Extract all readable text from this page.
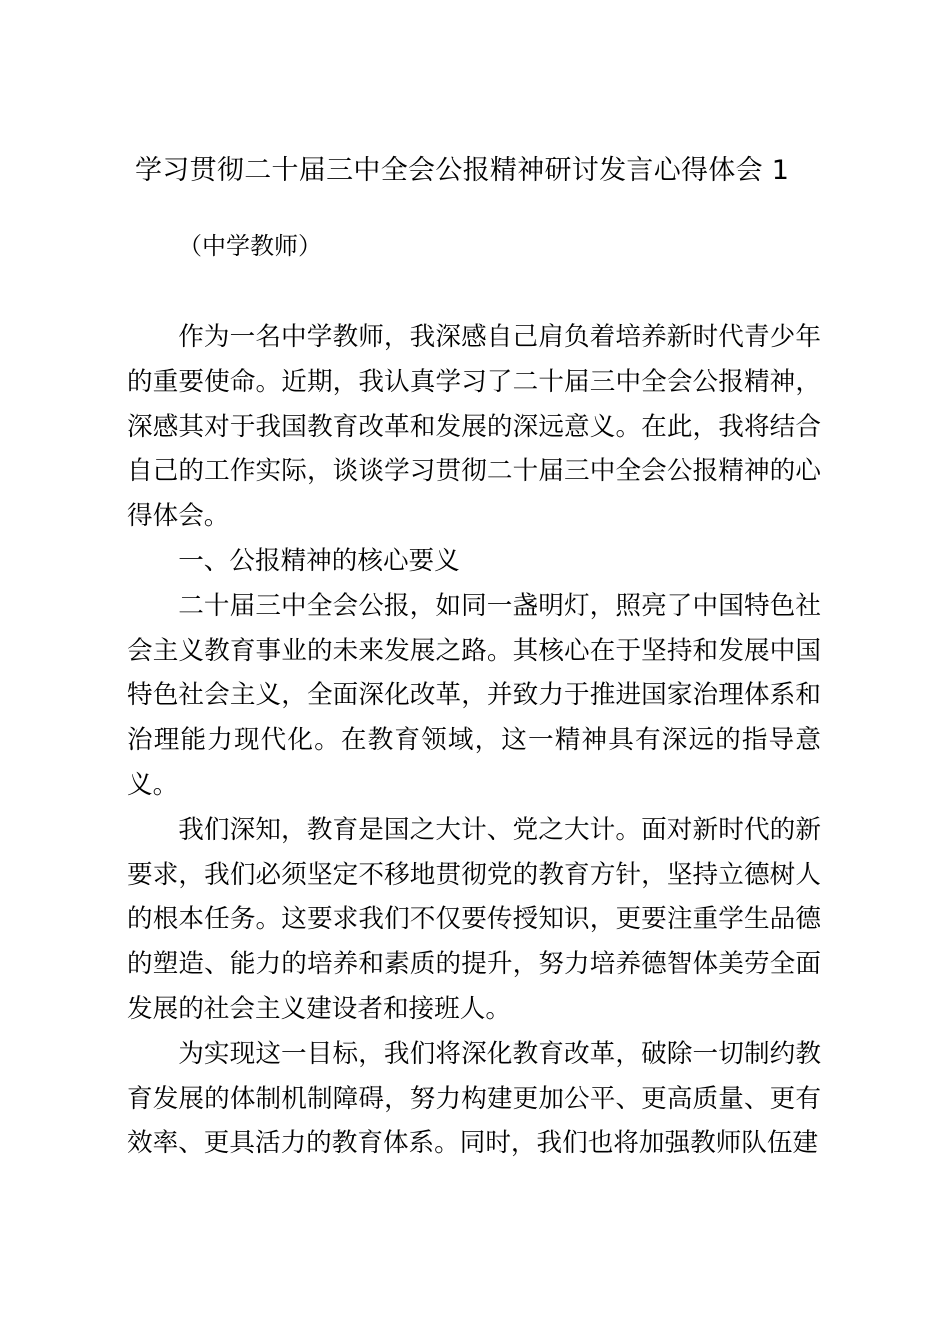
学习贯彻二十届三中全会公报精神研讨发言心得体会 1
（中学教师）

作为一名中学教师，我深感自己肩负着培养新时代青少年的重要使命。近期，我认真学习了二十届三中全会公报精神，深感其对于我国教育改革和发展的深远意义。在此，我将结合自己的工作实际，谈谈学习贯彻二十届三中全会公报精神的心得体会。

一、公报精神的核心要义

二十届三中全会公报，如同一盏明灯，照亮了中国特色社会主义教育事业的未来发展之路。其核心在于坚持和发展中国特色社会主义，全面深化改革，并致力于推进国家治理体系和治理能力现代化。在教育领域，这一精神具有深远的指导意义。

我们深知，教育是国之大计、党之大计。面对新时代的新要求，我们必须坚定不移地贯彻党的教育方针，坚持立德树人的根本任务。这要求我们不仅要传授知识，更要注重学生品德的塑造、能力的培养和素质的提升，努力培养德智体美劳全面发展的社会主义建设者和接班人。

为实现这一目标，我们将深化教育改革，破除一切制约教育发展的体制机制障碍，努力构建更加公平、更高质量、更有效率、更具活力的教育体系。同时，我们也将加强教师队伍建
